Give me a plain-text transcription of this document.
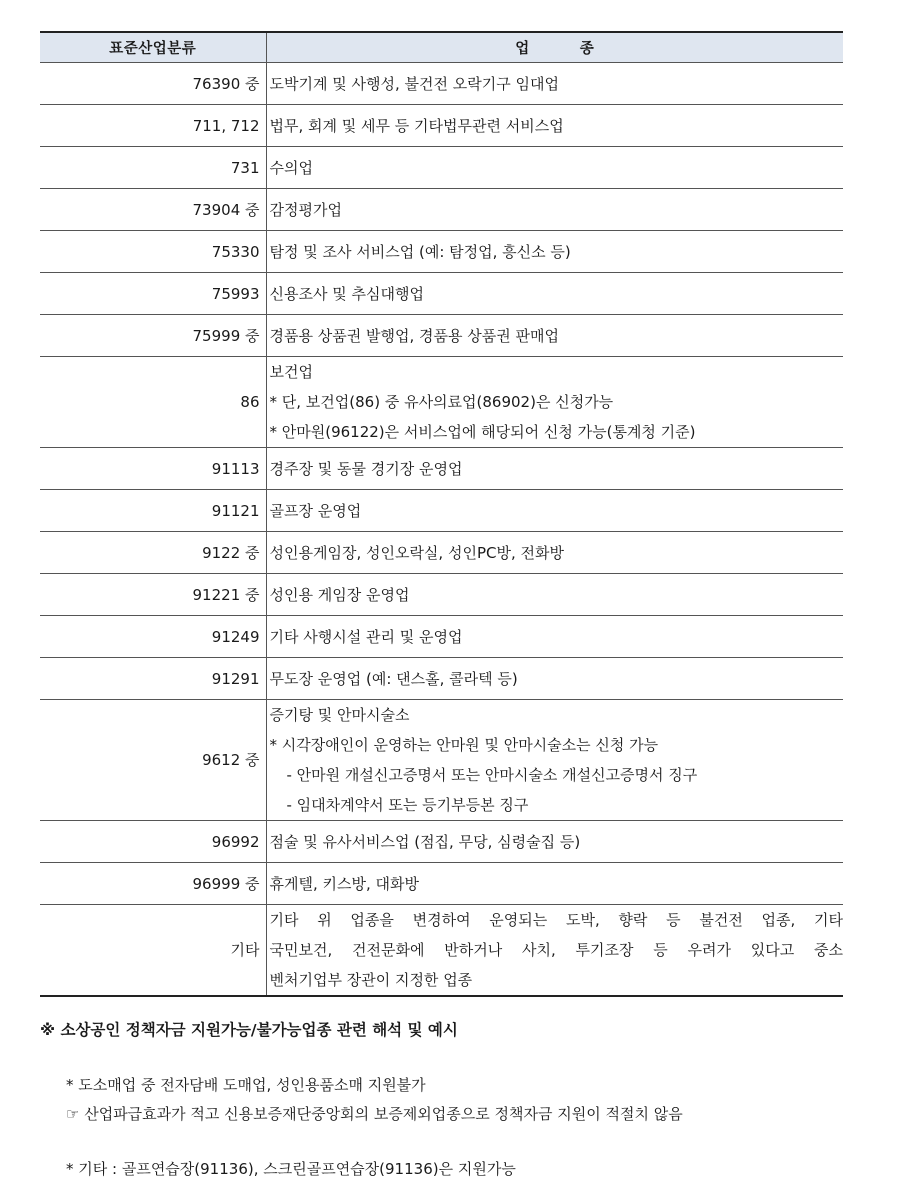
표준산업분류	업         종
76390 중	도박기계 및 사행성, 불건전 오락기구 임대업

711, 712	법무, 회계 및 세무 등 기타법무관련 서비스업

731	수의업

73904 중	감정평가업

75330	탐정 및 조사 서비스업 (예: 탐정업, 흥신소 등)

75993	신용조사 및 추심대행업

75999 중	경품용 상품권 발행업, 경품용 상품권 판매업

86	보건업
* 단, 보건업(86) 중 유사의료업(86902)은 신청가능
* 안마원(96122)은 서비스업에 해당되어 신청 가능(통계청 기준)

91113	경주장 및 동물 경기장 운영업

91121	골프장 운영업

9122 중	성인용게임장, 성인오락실, 성인PC방, 전화방

91221 중	성인용 게임장 운영업

91249	기타 사행시설 관리 및 운영업

91291	무도장 운영업 (예: 댄스홀, 콜라텍 등)

9612 중	증기탕 및 안마시술소
* 시각장애인이 운영하는 안마원 및 안마시술소는 신청 가능
- 안마원 개설신고증명서 또는 안마시술소 개설신고증명서 징구
- 임대차계약서 또는 등기부등본 징구

96992	점술 및 유사서비스업 (점집, 무당, 심령술집 등)

96999 중	휴게텔, 키스방, 대화방

기타	기타 위 업종을 변경하여 운영되는 도박, 향락 등 불건전 업종, 기타
국민보건, 건전문화에 반하거나 사치, 투기조장 등 우려가 있다고 중소
벤처기업부 장관이 지정한 업종
※ 소상공인 정책자금 지원가능/불가능업종 관련 해석 및 예시
* 도소매업 중 전자담배 도매업, 성인용품소매 지원불가
☞ 산업파급효과가 적고 신용보증재단중앙회의 보증제외업종으로 정책자금 지원이 적절치 않음
* 기타 : 골프연습장(91136), 스크린골프연습장(91136)은 지원가능
